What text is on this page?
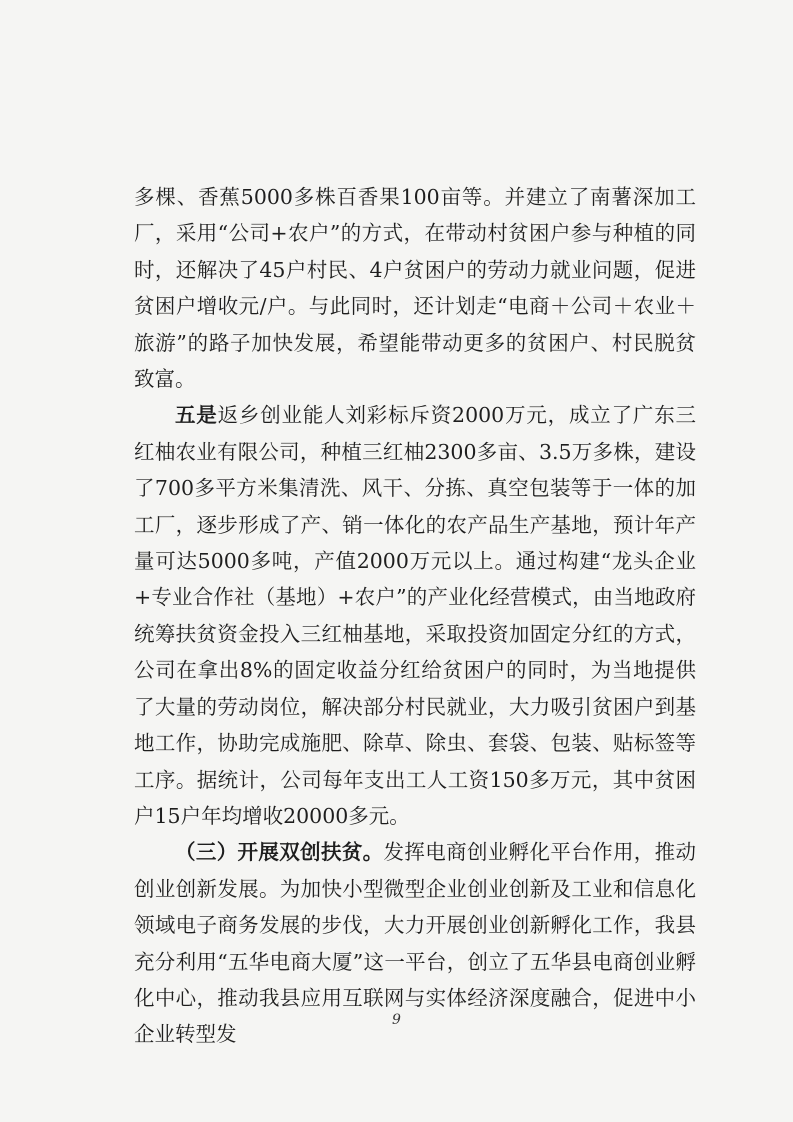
多棵、香蕉5000多株百香果100亩等。并建立了南薯深加工厂，采用“公司+农户”的方式，在带动村贫困户参与种植的同时，还解决了45户村民、4户贫困户的劳动力就业问题，促进贫困户增收元/户。与此同时，还计划走“电商＋公司＋农业＋旅游”的路子加快发展，希望能带动更多的贫困户、村民脱贫致富。

五是返乡创业能人刘彩标斥资2000万元，成立了广东三红柚农业有限公司，种植三红柚2300多亩、3.5万多株，建设了700多平方米集清洗、风干、分拣、真空包装等于一体的加工厂，逐步形成了产、销一体化的农产品生产基地，预计年产量可达5000多吨，产值2000万元以上。通过构建“龙头企业+专业合作社（基地）+农户”的产业化经营模式，由当地政府统筹扶贫资金投入三红柚基地，采取投资加固定分红的方式，公司在拿出8%的固定收益分红给贫困户的同时，为当地提供了大量的劳动岗位，解决部分村民就业，大力吸引贫困户到基地工作，协助完成施肥、除草、除虫、套袋、包装、贴标签等工序。据统计，公司每年支出工人工资150多万元，其中贫困户15户年均增收20000多元。

（三）开展双创扶贫。发挥电商创业孵化平台作用，推动创业创新发展。为加快小型微型企业创业创新及工业和信息化领域电子商务发展的步伐，大力开展创业创新孵化工作，我县充分利用“五华电商大厦”这一平台，创立了五华县电商创业孵化中心，推动我县应用互联网与实体经济深度融合，促进中小企业转型发

9
